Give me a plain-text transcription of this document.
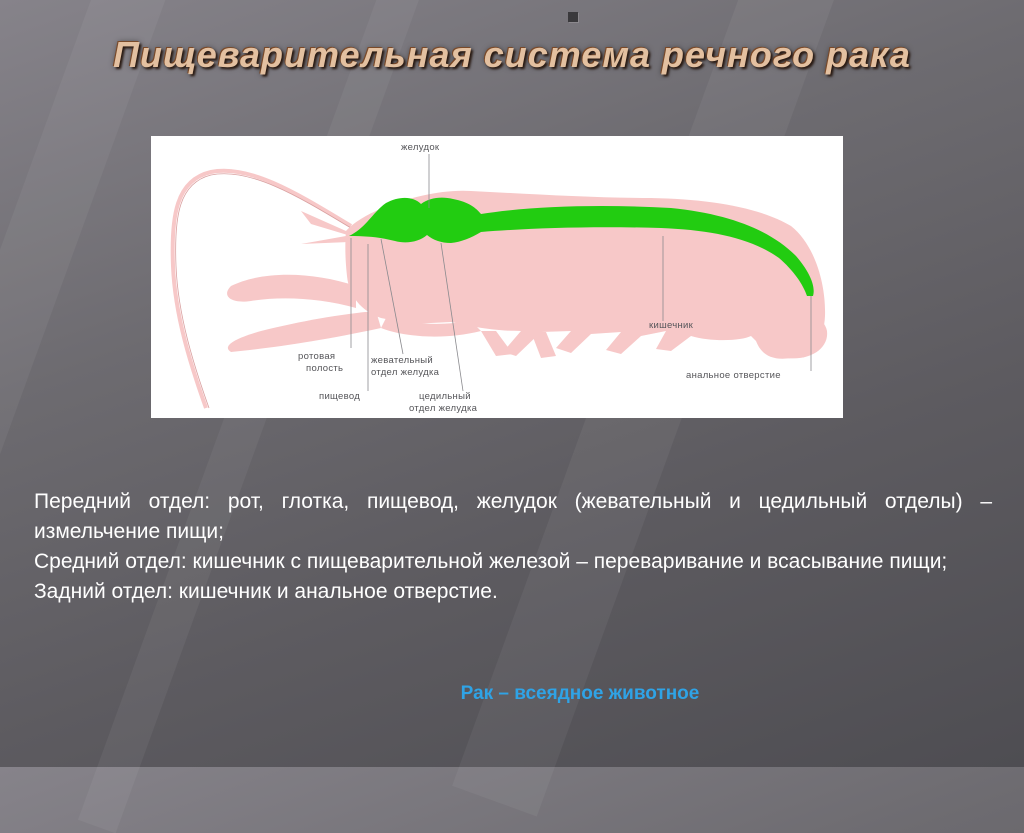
Пищеварительная система речного рака
желудок
кишечник
ротовая
полость
жевательный
отдел желудка
пищевод	цедильный
отдел желудка
анальное отверстие

Передний отдел: рот, глотка, пищевод, желудок (жевательный и цедильный отделы) – измельчение пищи;

Средний отдел: кишечник с пищеварительной железой – переваривание и всасывание пищи;

Задний отдел: кишечник и анальное отверстие.

Рак – всеядное животное
